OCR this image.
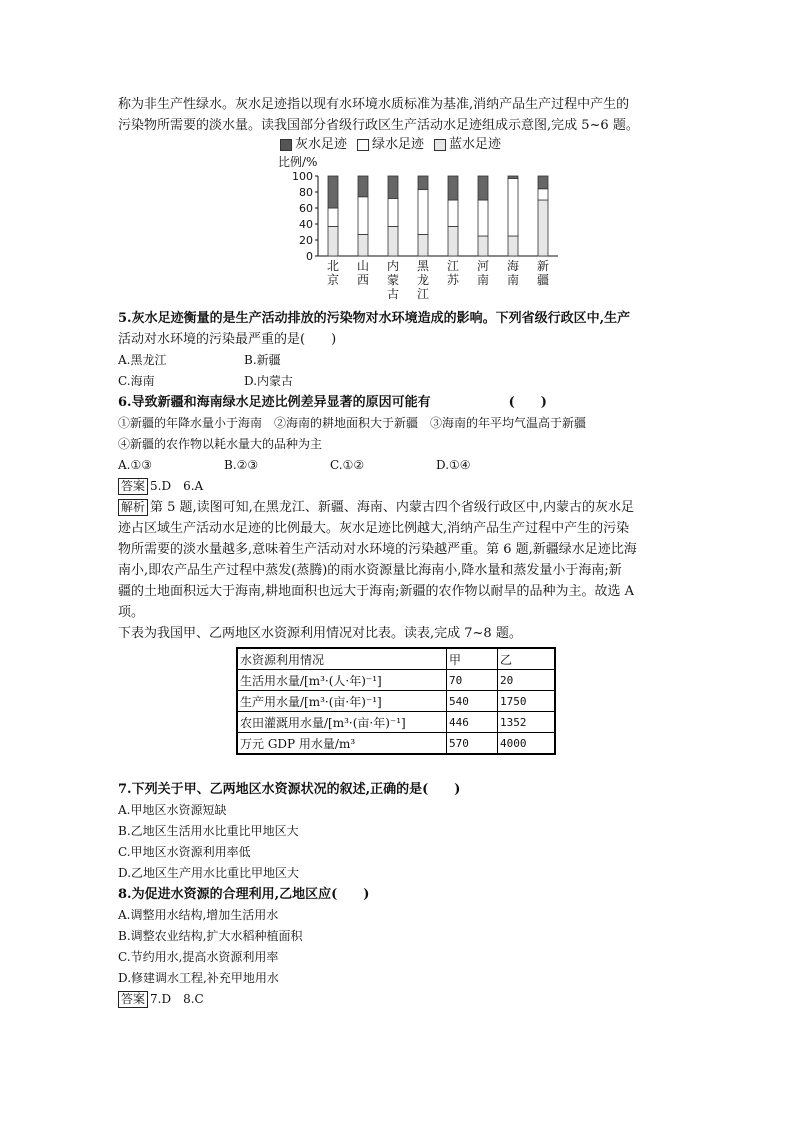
称为非生产性绿水。灰水足迹指以现有水环境水质标准为基准,消纳产品生产过程中产生的
污染物所需要的淡水量。读我国部分省级行政区生产活动水足迹组成示意图,完成 5~6 题。
灰水足迹 绿水足迹 蓝水足迹
比例/%
100
80
60
40
20
0
北
京
山
西
内
蒙
古
黑
龙
江
江
苏
河
南
海
南
新
疆
5.灰水足迹衡量的是生产活动排放的污染物对水环境造成的影响。下列省级行政区中,生产
活动对水环境的污染最严重的是(　　)
A.黑龙江	B.新疆
C.海南	D.内蒙古
6.导致新疆和海南绿水足迹比例差异显著的原因可能有　　　　　　(　　)
①新疆的年降水量小于海南　②海南的耕地面积大于新疆　③海南的年平均气温高于新疆
④新疆的农作物以耗水量大的品种为主
A.①③	B.②③	C.①②	D.①④
答案 5.D　6.A
解析 第 5 题,读图可知,在黑龙江、新疆、海南、内蒙古四个省级行政区中,内蒙古的灰水足
迹占区域生产活动水足迹的比例最大。灰水足迹比例越大,消纳产品生产过程中产生的污染
物所需要的淡水量越多,意味着生产活动对水环境的污染越严重。第 6 题,新疆绿水足迹比海
南小,即农产品生产过程中蒸发(蒸腾)的雨水资源量比海南小,降水量和蒸发量小于海南;新
疆的土地面积远大于海南,耕地面积也远大于海南;新疆的农作物以耐旱的品种为主。故选 A
项。
下表为我国甲、乙两地区水资源利用情况对比表。读表,完成 7~8 题。
水资源利用情况	甲	乙
生活用水量/[m³·(人·年)⁻¹]	70	20
生产用水量/[m³·(亩·年)⁻¹]	540	1750
农田灌溉用水量/[m³·(亩·年)⁻¹]	446	1352
万元 GDP 用水量/m³	570	4000
7.下列关于甲、乙两地区水资源状况的叙述,正确的是(　　)
A.甲地区水资源短缺
B.乙地区生活用水比重比甲地区大
C.甲地区水资源利用率低
D.乙地区生产用水比重比甲地区大
8.为促进水资源的合理利用,乙地区应(　　)
A.调整用水结构,增加生活用水
B.调整农业结构,扩大水稻种植面积
C.节约用水,提高水资源利用率
D.修建调水工程,补充甲地用水
答案 7.D　8.C
